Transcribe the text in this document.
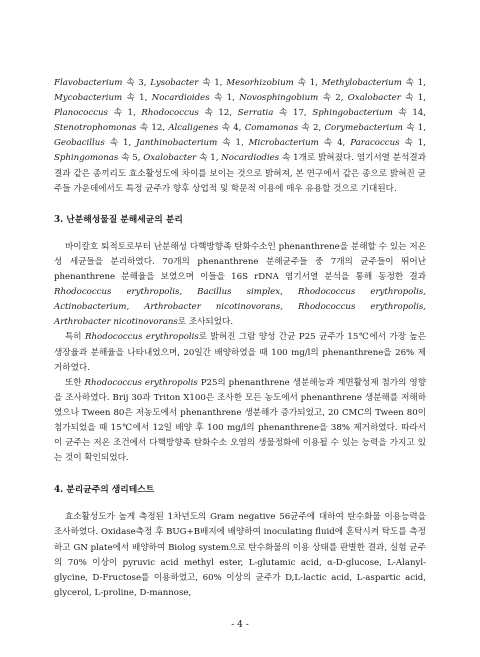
Flavobacterium 속 3, Lysobacter 속 1, Mesorhizobium 속 1, Methylobacterium 속 1, Mycobacterium 속 1, Nocardioides 속 1, Novosphingobium 속 2, Oxalobacter 속 1, Planococcus 속 1, Rhodococcus 속 12, Serratia 속 17, Sphingobacterium 속 14, Stenotrophomonas 속 12, Alcaligenes 속 4, Comamonas 속 2, Corymebacterium 속 1, Geobacillus 속 1, Janthinobacterium 속 1, Microbacterium 속 4, Paracoccus 속 1, Sphingomonas 속 5, Oxalobacter 속 1, Nocardiodies 속 1개로 밝혀졌다. 염기서열 분석결과 결과 같은 종끼리도 효소활성도에 차이를 보이는 것으로 밝혀져, 본 연구에서 같은 종으로 밝혀진 균주들 가운데에서도 특정 균주가 향후 상업적 및 학문적 이용에 매우 유용할 것으로 기대된다.

3. 난분해성물질 분해세균의 분리

바이칼호 퇴적토로부터 난분해성 다핵방향족 탄화수소인 phenanthrene을 분해할 수 있는 저온성 세균들을 분리하였다. 70개의 phenanthrene 분해균주들 중 7개의 균주들이 뛰어난 phenanthrene 분해율을 보였으며 이들을 16S rDNA 염기서열 분석을 통해 동정한 결과 Rhodococcus erythropolis, Bacillus simplex, Rhodococcus erythropolis, Actinobacterium, Arthrobacter nicotinovorans, Rhodococcus erythropolis, Arthrobacter nicotinovorans로 조사되었다.

특히 Rhodococcus erythropolis로 밝혀진 그람 양성 간균 P25 균주가 15℃에서 가장 높은 생장율과 분해율을 나타내었으며, 20일간 배양하였을 때 100 mg/l의 phenanthrene을 26% 제거하였다.

또한 Rhodococcus erythropolis P25의 phenanthrene 생분해능과 계면활성제 첨가의 영향을 조사하였다. Brij 30과 Triton X100은 조사한 모든 농도에서 phenanthrene 생분해를 저해하였으나 Tween 80은 저농도에서 phenanthrene 생분해가 증가되었고, 20 CMC의 Tween 80이 첨가되었을 때 15℃에서 12일 배양 후 100 mg/l의 phenanthrene을 38% 제거하였다. 따라서 이 균주는 저온 조건에서 다핵방향족 탄화수소 오염의 생물정화에 이용될 수 있는 능력을 가지고 있는 것이 확인되었다.

4. 분리균주의 생리테스트

효소활성도가 높게 측정된 1차년도의 Gram negative 56균주에 대하여 탄수화물 이용능력을 조사하였다. Oxidase측정 후 BUG+B배지에 배양하여 inoculating fluid에 혼탁시켜 탁도를 측정하고 GN plate에서 배양하여 Biolog system으로 탄수화물의 이용 상태를 판별한 결과, 실험 균주의 70% 이상이 pyruvic acid methyl ester, L-glutamic acid, α-D-glucose, L-Alanyl-glycine, D-Fructose를 이용하였고, 60% 이상의 균주가 D,L-lactic acid, L-aspartic acid, glycerol, L-proline, D-mannose,

- 4 -
